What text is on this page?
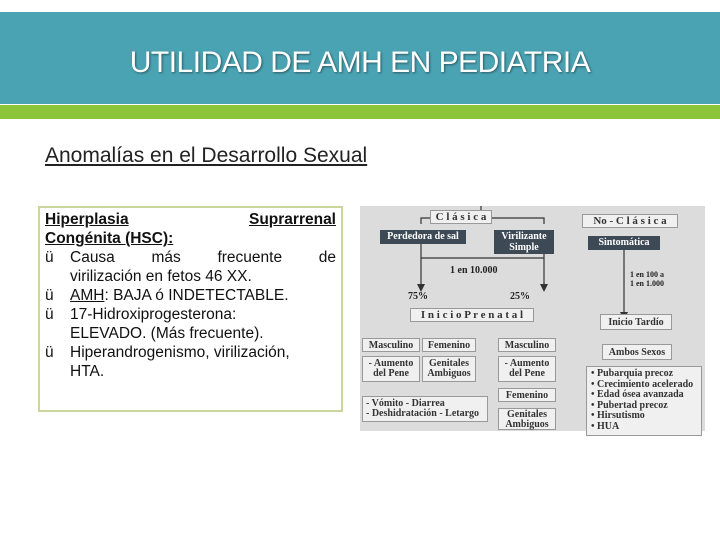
UTILIDAD DE AMH EN PEDIATRIA
Anomalías en el Desarrollo Sexual
Hiperplasia	Suprarrenal
Congénita (HSC):
ü	Causa más frecuente de
virilización en fetos 46 XX.
ü	AMH: BAJA ó INDETECTABLE.
ü	17-Hidroxiprogesterona:
ELEVADO. (Más frecuente).
ü	Hiperandrogenismo, virilización,
HTA.
C l á s i c a	No - C l á s i c a
Perdedora de sal	Virilizante
Simple	Sintomática
1 en 10.000	1 en 100 a
1 en 1.000
75%	25%
I n i c i o P r e n a t a l
Inicio Tardío
Masculino	Femenino	Masculino
Ambos Sexos
- Aumento
del Pene
Genitales
Ambiguos
- Aumento
del Pene
Femenino
- Vómito - Diarrea
- Deshidratación - Letargo	Genitales
Ambiguos
• Pubarquia precoz
• Crecimiento acelerado
• Edad ósea avanzada
• Pubertad precoz
• Hirsutismo
• HUA
